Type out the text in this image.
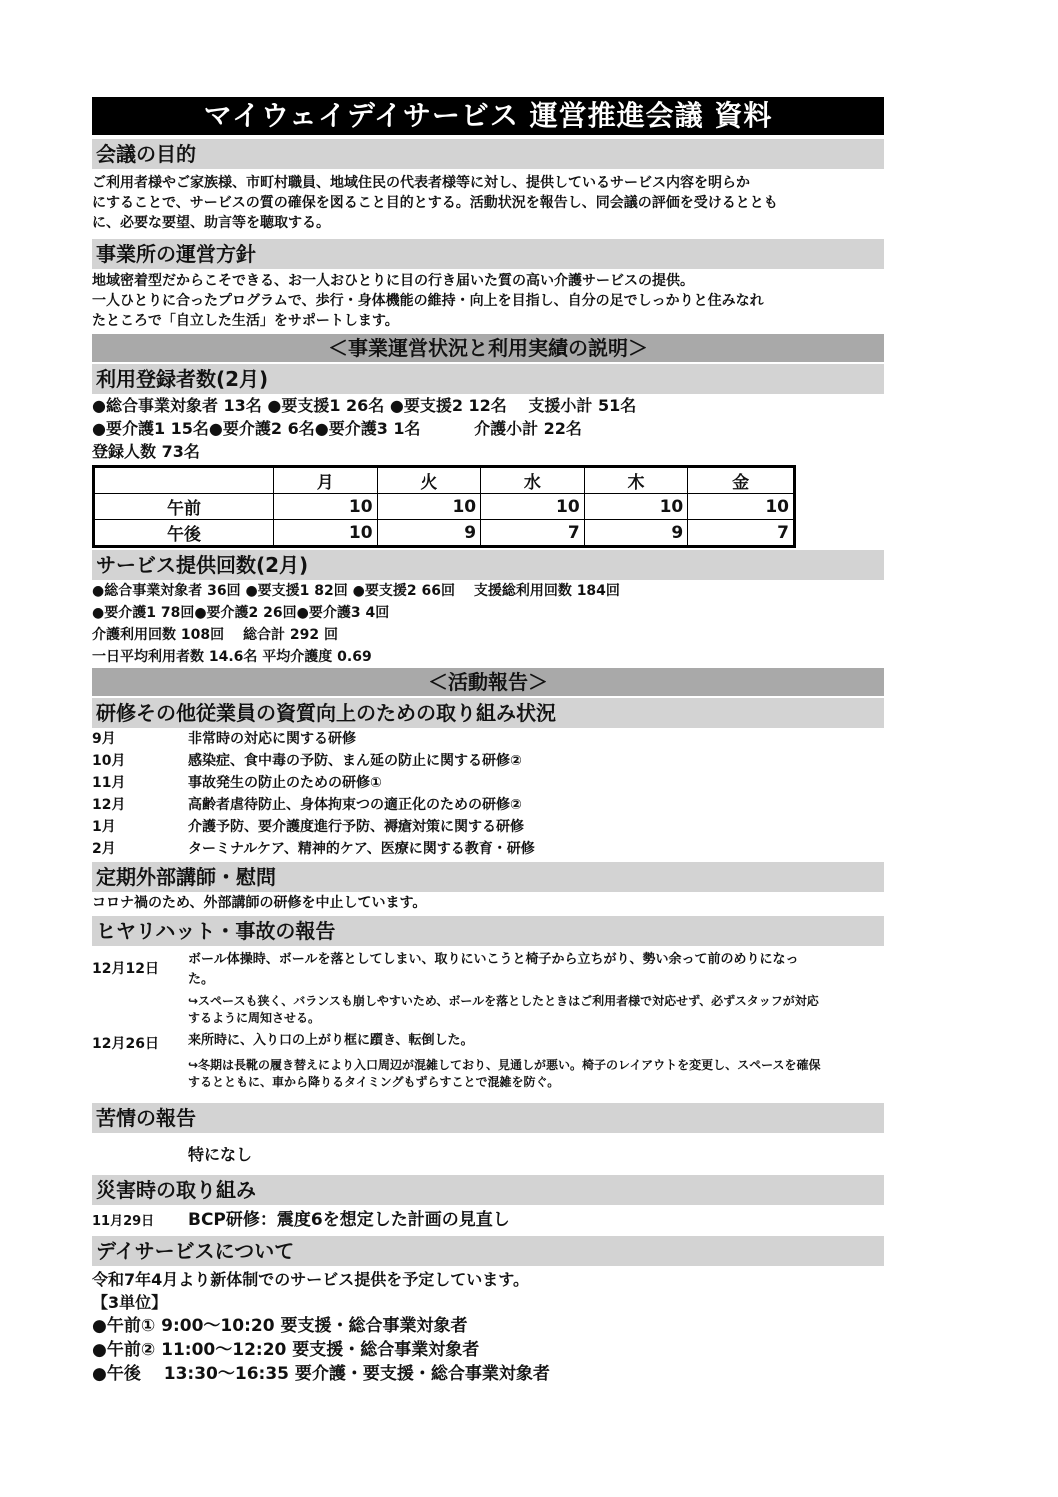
マイウェイデイサービス 運営推進会議 資料
会議の目的
ご利用者様やご家族様、市町村職員、地域住民の代表者様等に対し、提供しているサービス内容を明らか
にすることで、サービスの質の確保を図ること目的とする。活動状況を報告し、同会議の評価を受けるととも
に、必要な要望、助言等を聴取する。
事業所の運営方針
地域密着型だからこそできる、お一人おひとりに目の行き届いた質の高い介護サービスの提供。
一人ひとりに合ったプログラムで、歩行・身体機能の維持・向上を目指し、自分の足でしっかりと住みなれ
たところで「自立した生活」をサポートします。
＜事業運営状況と利用実績の説明＞
利用登録者数(2月)
●総合事業対象者 13名 ●要支援1 26名 ●要支援2 12名 　支援小計 51名
●要介護1 15名●要介護2 6名●要介護3 1名 　　　介護小計 22名
登録人数 73名
	月	火	水	木	金
午前	10	10	10	10	10
午後	10	9	7	9	7
サービス提供回数(2月)
●総合事業対象者 36回 ●要支援1 82回 ●要支援2 66回 　支援総利用回数 184回
●要介護1 78回●要介護2 26回●要介護3 4回
介護利用回数 108回 　総合計 292 回
一日平均利用者数 14.6名 平均介護度 0.69
＜活動報告＞
研修その他従業員の資質向上のための取り組み状況
9月	非常時の対応に関する研修
10月	感染症、食中毒の予防、まん延の防止に関する研修②
11月	事故発生の防止のための研修①
12月	高齢者虐待防止、身体拘束つの適正化のための研修②
1月	介護予防、要介護度進行予防、褥瘡対策に関する研修
2月	ターミナルケア、精神的ケア、医療に関する教育・研修
定期外部講師・慰問
コロナ禍のため、外部講師の研修を中止しています。
ヒヤリハット・事故の報告
12月12日
ボール体操時、ボールを落としてしまい、取りにいこうと椅子から立ちがり、勢い余って前のめりになっ
た。
↪スペースも狭く、バランスも崩しやすいため、ボールを落としたときはご利用者様で対応せず、必ずスタッフが対応
するように周知させる。
12月26日	来所時に、入り口の上がり框に躓き、転倒した。
↪冬期は長靴の履き替えにより入口周辺が混雑しており、見通しが悪い。椅子のレイアウトを変更し、スペースを確保
するとともに、車から降りるタイミングもずらすことで混雑を防ぐ。
苦情の報告
特になし
災害時の取り組み
11月29日	BCP研修：震度6を想定した計画の見直し
デイサービスについて
令和7年4月より新体制でのサービス提供を予定しています。
【3単位】
●午前① 9:00～10:20 要支援・総合事業対象者
●午前② 11:00～12:20 要支援・総合事業対象者
●午後 　13:30～16:35 要介護・要支援・総合事業対象者
